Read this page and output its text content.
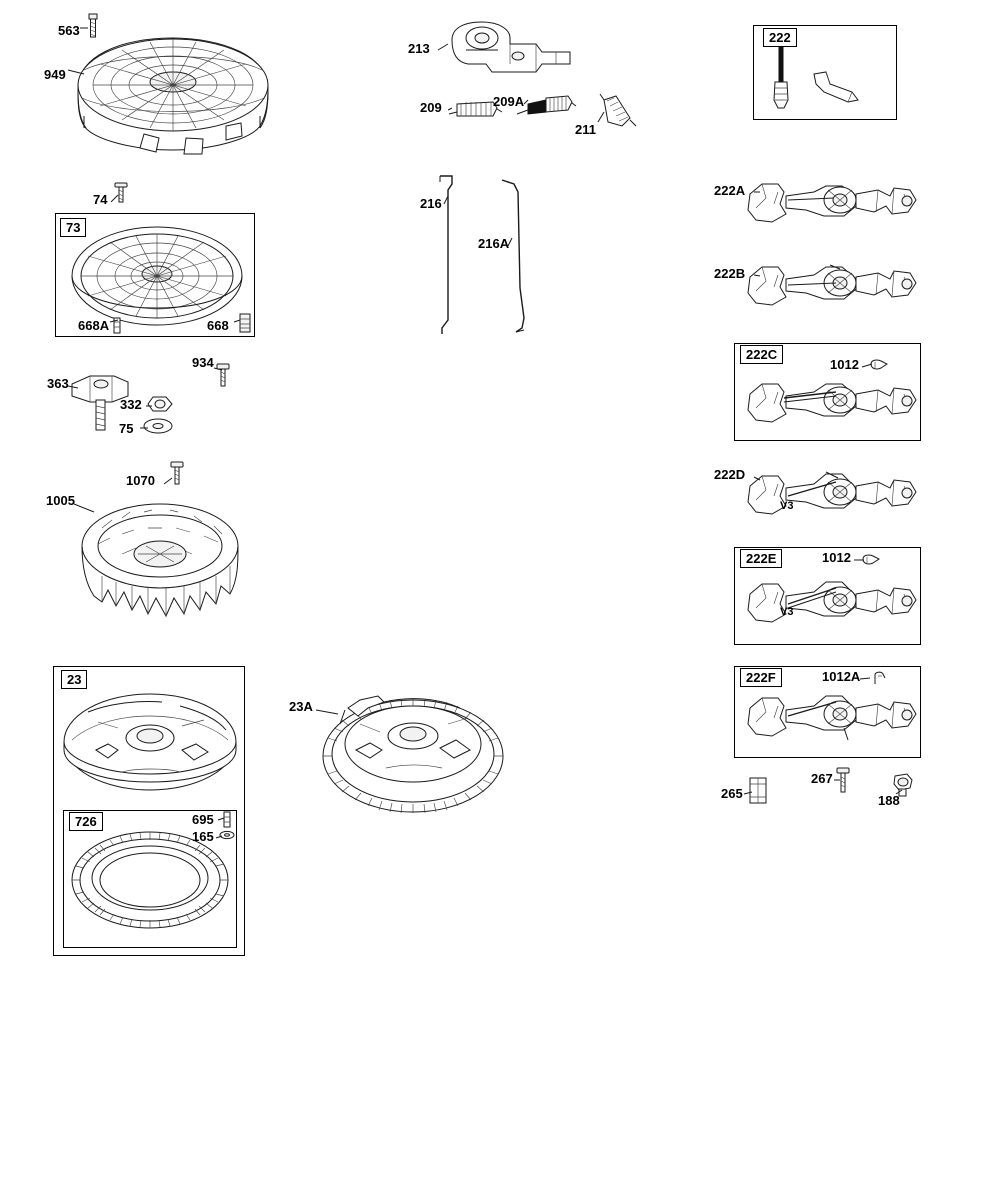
563
949
74
73
668A	668
934
363
332
75
1070
1005
23
23A
726	695
165
213
209	209A
211
216
216A
222
222A
222B
222C
1012
222D
V3
222E	1012
V3
222F	1012A
265
267
188
